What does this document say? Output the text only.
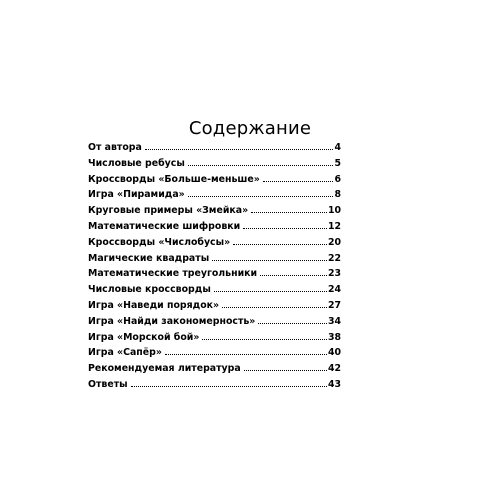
Содержание
От автора	4
Числовые ребусы	5
Кроссворды «Больше-меньше»	6
Игра «Пирамида»	8
Круговые примеры «Змейка»	10
Математические шифровки	12
Кроссворды «Числобусы»	20
Магические квадраты	22
Математические треугольники	23
Числовые кроссворды	24
Игра «Наведи порядок»	27
Игра «Найди закономерность»	34
Игра «Морской бой»	38
Игра «Сапёр»	40
Рекомендуемая литература	42
Ответы	43
